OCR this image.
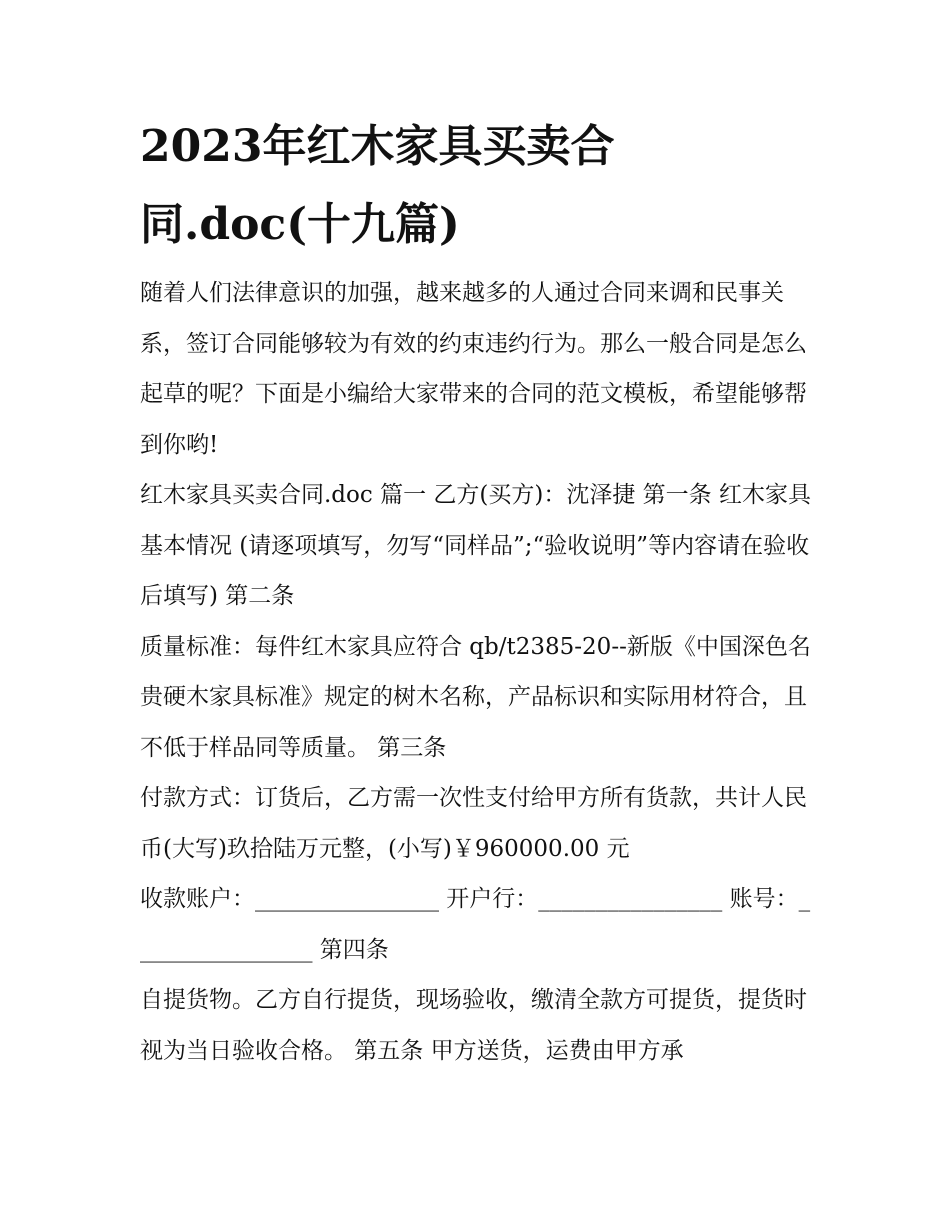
2023年红木家具买卖合同.doc(十九篇)

随着人们法律意识的加强，越来越多的人通过合同来调和民事关系，签订合同能够较为有效的约束违约行为。那么一般合同是怎么起草的呢？下面是小编给大家带来的合同的范文模板，希望能够帮到你哟!

红木家具买卖合同.doc 篇一 乙方(买方)：沈泽捷 第一条 红木家具基本情况 (请逐项填写，勿写“同样品”;“验收说明”等内容请在验收后填写) 第二条

质量标准：每件红木家具应符合 qb/t2385-20--新版《中国深色名贵硬木家具标准》规定的树木名称，产品标识和实际用材符合，且不低于样品同等质量。 第三条

付款方式：订货后，乙方需一次性支付给甲方所有货款，共计人民币(大写)玖拾陆万元整，(小写)￥960000.00 元

收款账户：________________ 开户行：________________ 账号：________________ 第四条

自提货物。乙方自行提货，现场验收，缴清全款方可提货，提货时视为当日验收合格。 第五条 甲方送货，运费由甲方承
